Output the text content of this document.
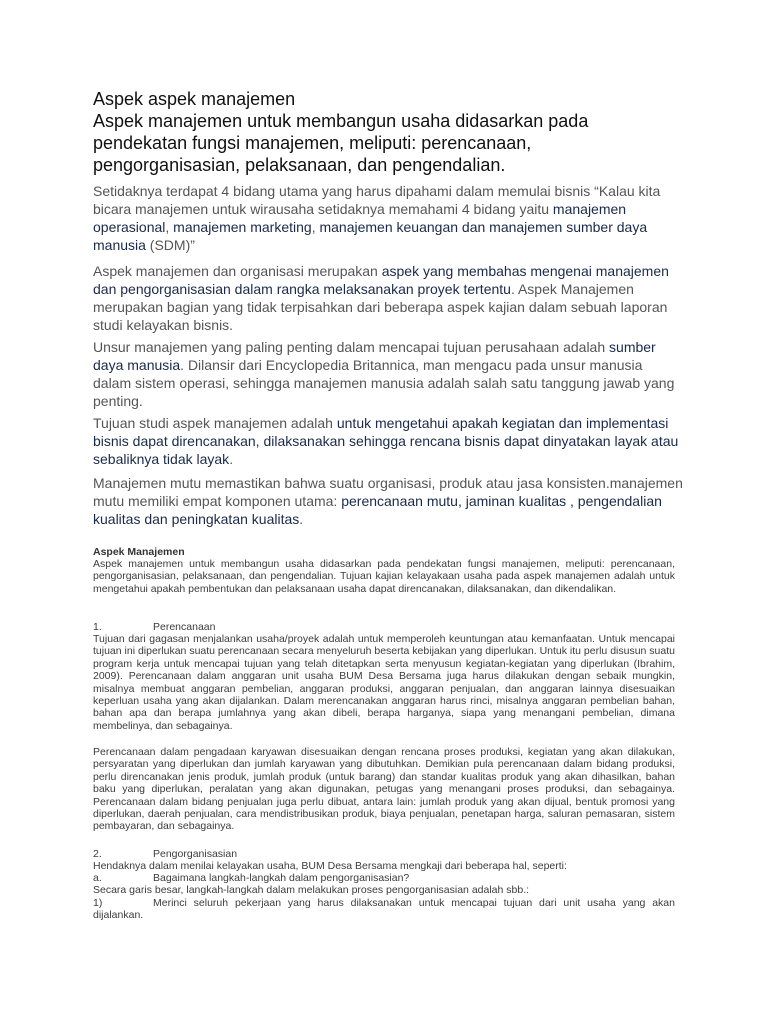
Aspek aspek manajemen
Aspek manajemen untuk membangun usaha didasarkan pada
pendekatan fungsi manajemen, meliputi: perencanaan,
pengorganisasian, pelaksanaan, dan pengendalian.
Setidaknya terdapat 4 bidang utama yang harus dipahami dalam memulai bisnis “Kalau kita bicara manajemen untuk wirausaha setidaknya memahami 4 bidang yaitu manajemen operasional, manajemen marketing, manajemen keuangan dan manajemen sumber daya manusia (SDM)”
Aspek manajemen dan organisasi merupakan aspek yang membahas mengenai manajemen dan pengorganisasian dalam rangka melaksanakan proyek tertentu. Aspek Manajemen merupakan bagian yang tidak terpisahkan dari beberapa aspek kajian dalam sebuah laporan studi kelayakan bisnis.
Unsur manajemen yang paling penting dalam mencapai tujuan perusahaan adalah sumber daya manusia. Dilansir dari Encyclopedia Britannica, man mengacu pada unsur manusia dalam sistem operasi, sehingga manajemen manusia adalah salah satu tanggung jawab yang penting.
Tujuan studi aspek manajemen adalah untuk mengetahui apakah kegiatan dan implementasi bisnis dapat direncanakan, dilaksanakan sehingga rencana bisnis dapat dinyatakan layak atau sebaliknya tidak layak.
Manajemen mutu memastikan bahwa suatu organisasi, produk atau jasa konsisten.manajemen mutu memiliki empat komponen utama: perencanaan mutu, jaminan kualitas , pengendalian kualitas dan peningkatan kualitas.
Aspek Manajemen
Aspek manajemen untuk membangun usaha didasarkan pada pendekatan fungsi manajemen, meliputi: perencanaan, pengorganisasian, pelaksanaan, dan pengendalian. Tujuan kajian kelayakaan usaha pada aspek manajemen adalah untuk mengetahui apakah pembentukan dan pelaksanaan usaha dapat direncanakan, dilaksanakan, dan dikendalikan.
1.	Perencanaan
Tujuan dari gagasan menjalankan usaha/proyek adalah untuk memperoleh keuntungan atau kemanfaatan. Untuk mencapai tujuan ini diperlukan suatu perencanaan secara menyeluruh beserta kebijakan yang diperlukan. Untuk itu perlu disusun suatu program kerja untuk mencapai tujuan yang telah ditetapkan serta menyusun kegiatan-kegiatan yang diperlukan (Ibrahim, 2009). Perencanaan dalam anggaran unit usaha BUM Desa Bersama juga harus dilakukan dengan sebaik mungkin, misalnya membuat anggaran pembelian, anggaran produksi, anggaran penjualan, dan anggaran lainnya disesuaikan keperluan usaha yang akan dijalankan. Dalam merencanakan anggaran harus rinci, misalnya anggaran pembelian bahan, bahan apa dan berapa jumlahnya yang akan dibeli, berapa harganya, siapa yang menangani pembelian, dimana membelinya, dan sebagainya.
Perencanaan dalam pengadaan karyawan disesuaikan dengan rencana proses produksi, kegiatan yang akan dilakukan, persyaratan yang diperlukan dan jumlah karyawan yang dibutuhkan. Demikian pula perencanaan dalam bidang produksi, perlu direncanakan jenis produk, jumlah produk (untuk barang) dan standar kualitas produk yang akan dihasilkan, bahan baku yang diperlukan, peralatan yang akan digunakan, petugas yang menangani proses produksi, dan sebagainya. Perencanaan dalam bidang penjualan juga perlu dibuat, antara lain: jumlah produk yang akan dijual, bentuk promosi yang diperlukan, daerah penjualan, cara mendistribusikan produk, biaya penjualan, penetapan harga, saluran pemasaran, sistem pembayaran, dan sebagainya.
2.	Pengorganisasian
Hendaknya dalam menilai kelayakan usaha, BUM Desa Bersama mengkaji dari beberapa hal, seperti:
a.	Bagaimana langkah-langkah dalam pengorganisasian?
Secara garis besar, langkah-langkah dalam melakukan proses pengorganisasian adalah sbb.:
1)	Merinci seluruh pekerjaan yang harus dilaksanakan untuk mencapai tujuan dari unit usaha yang akan dijalankan.
